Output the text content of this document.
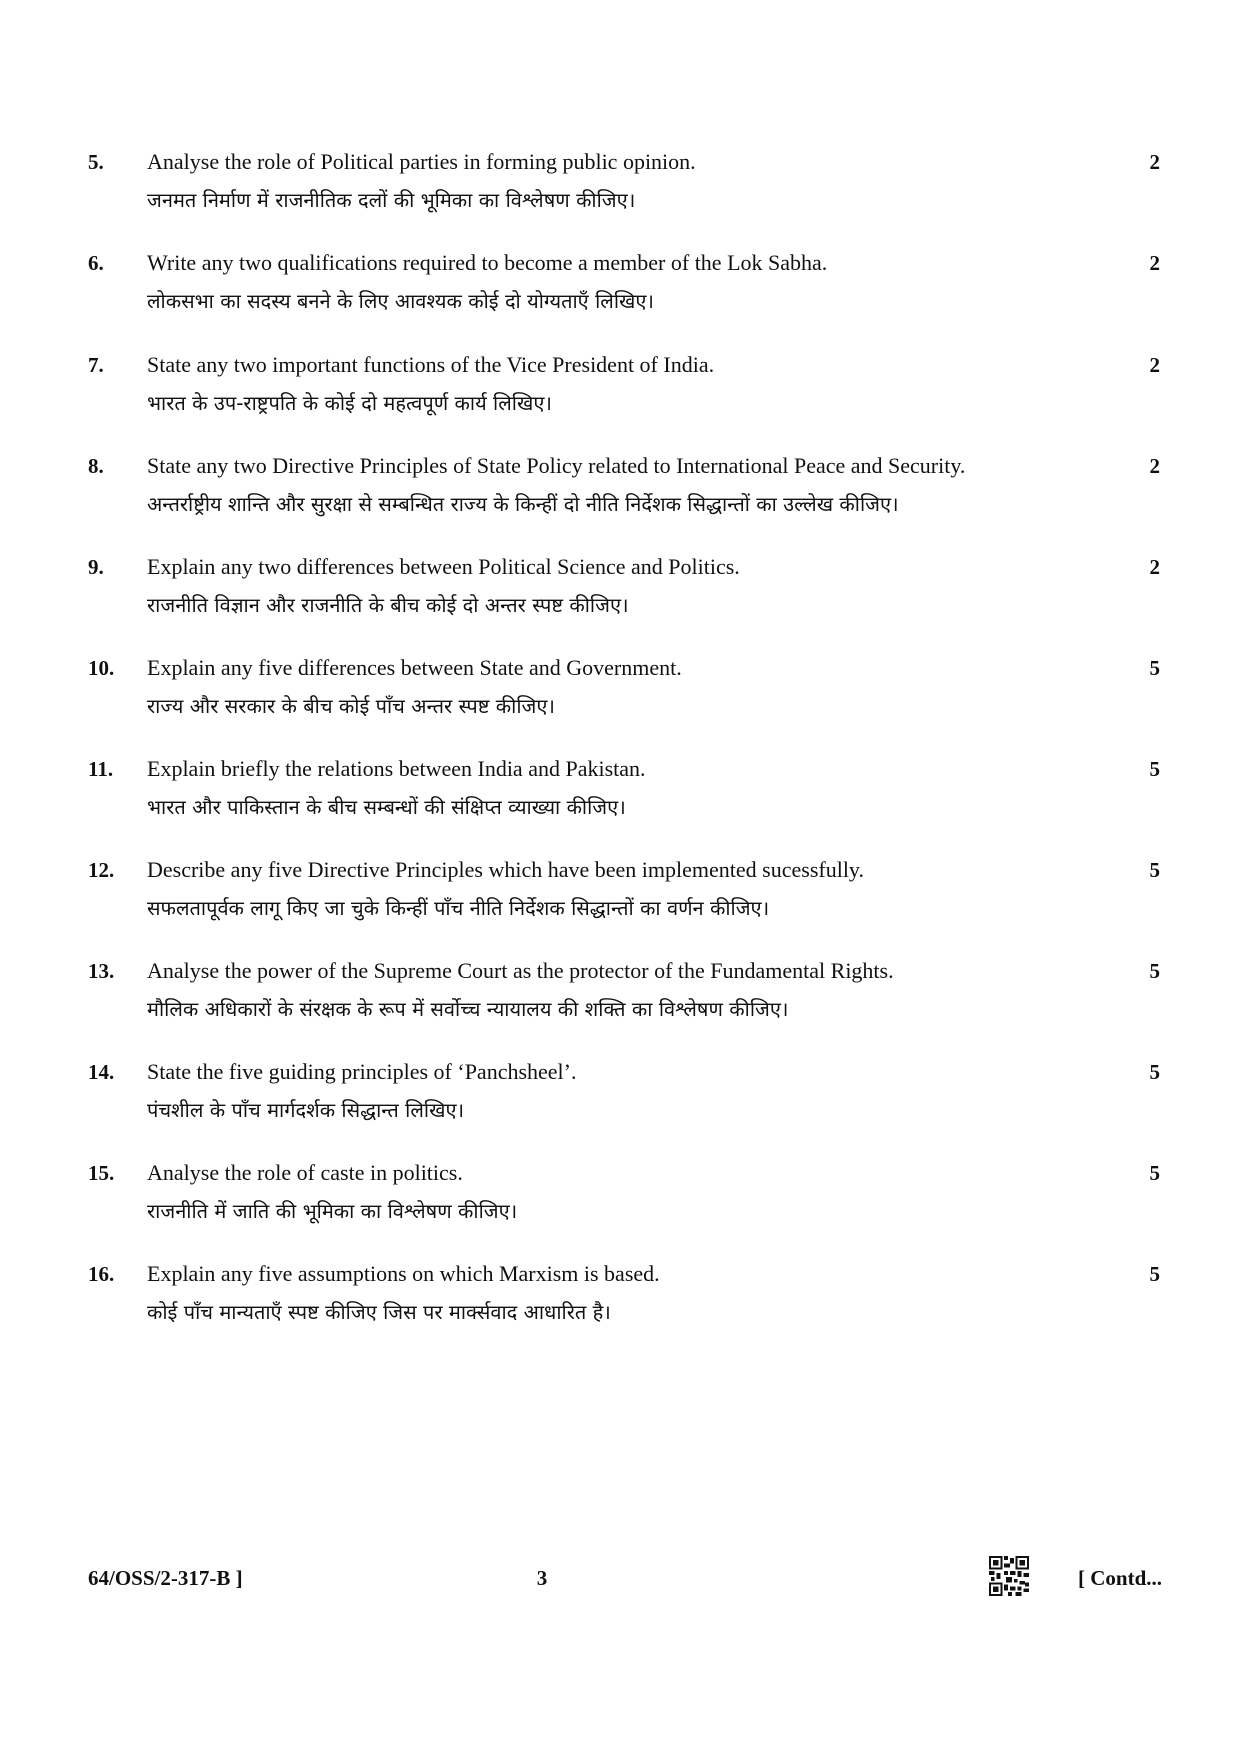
5.	Analyse the role of Political parties in forming public opinion.
जनमत निर्माण में राजनीतिक दलों की भूमिका का विश्लेषण कीजिए।
2
6.	Write any two qualifications required to become a member of the Lok Sabha.
लोकसभा का सदस्य बनने के लिए आवश्यक कोई दो योग्यताएँ लिखिए।
2
7.	State any two important functions of the Vice President of India.
भारत के उप-राष्ट्रपति के कोई दो महत्वपूर्ण कार्य लिखिए।
2
8.	State any two Directive Principles of State Policy related to International Peace and Security.
अन्तर्राष्ट्रीय शान्ति और सुरक्षा से सम्बन्धित राज्य के किन्हीं दो नीति निर्देशक सिद्धान्तों का उल्लेख कीजिए।
2
9.	Explain any two differences between Political Science and Politics.
राजनीति विज्ञान और राजनीति के बीच कोई दो अन्तर स्पष्ट कीजिए।
2
10.	Explain any five differences between State and Government.
राज्य और सरकार के बीच कोई पाँच अन्तर स्पष्ट कीजिए।
5
11.	Explain briefly the relations between India and Pakistan.
भारत और पाकिस्तान के बीच सम्बन्धों की संक्षिप्त व्याख्या कीजिए।
5
12.	Describe any five Directive Principles which have been implemented sucessfully.
सफलतापूर्वक लागू किए जा चुके किन्हीं पाँच नीति निर्देशक सिद्धान्तों का वर्णन कीजिए।
5
13.	Analyse the power of the Supreme Court as the protector of the Fundamental Rights.
मौलिक अधिकारों के संरक्षक के रूप में सर्वोच्च न्यायालय की शक्ति का विश्लेषण कीजिए।
5
14.	State the five guiding principles of ‘Panchsheel’.
पंचशील के पाँच मार्गदर्शक सिद्धान्त लिखिए।
5
15.	Analyse the role of caste in politics.
राजनीति में जाति की भूमिका का विश्लेषण कीजिए।
5
16.	Explain any five assumptions on which Marxism is based.
कोई पाँच मान्यताएँ स्पष्ट कीजिए जिस पर मार्क्सवाद आधारित है।
5
64/OSS/2-317-B ]	3	[ Contd...
